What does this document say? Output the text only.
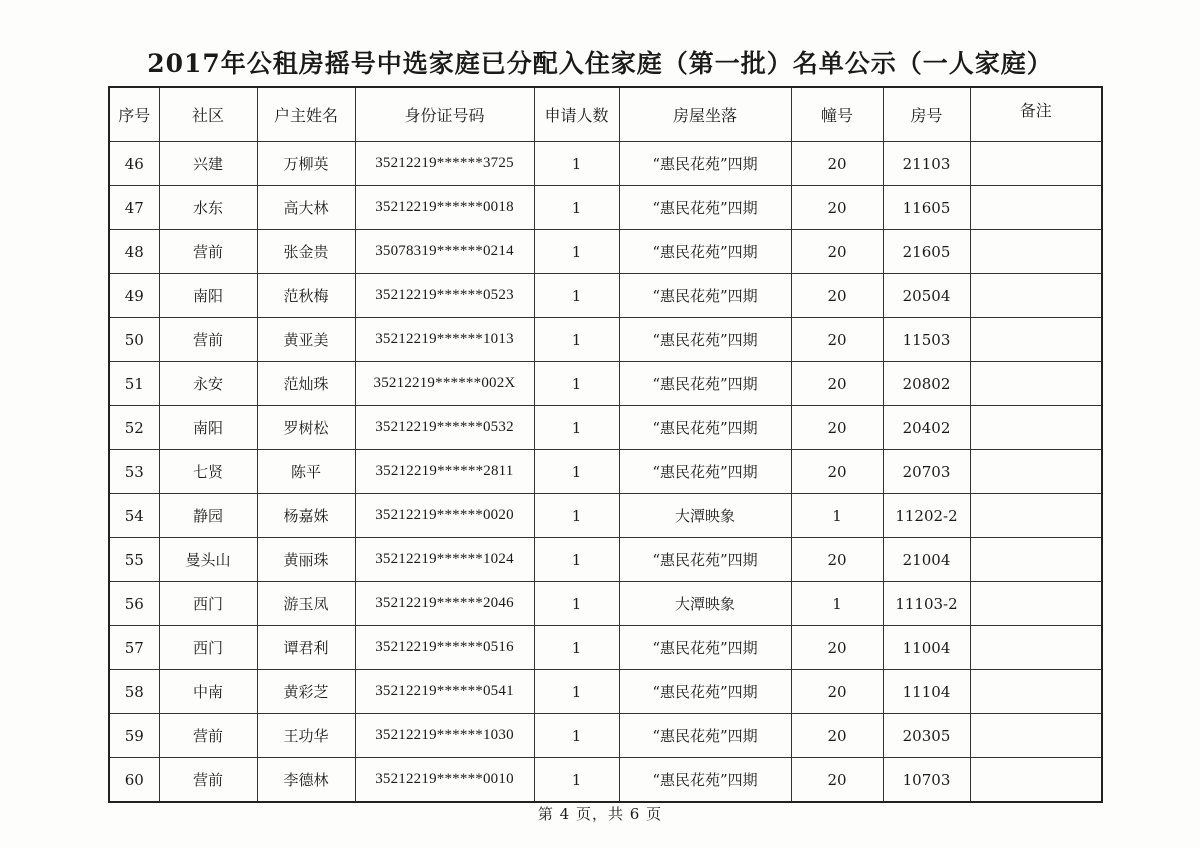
2017年公租房摇号中选家庭已分配入住家庭（第一批）名单公示（一人家庭）
序号	社区	户主姓名	身份证号码	申请人数	房屋坐落	幢号	房号	备注
46	兴建	万柳英	35212219******3725	1	“惠民花苑”四期	20	21103	
47	水东	高大林	35212219******0018	1	“惠民花苑”四期	20	11605	
48	营前	张金贵	35078319******0214	1	“惠民花苑”四期	20	21605	
49	南阳	范秋梅	35212219******0523	1	“惠民花苑”四期	20	20504	
50	营前	黄亚美	35212219******1013	1	“惠民花苑”四期	20	11503	
51	永安	范灿珠	35212219******002X	1	“惠民花苑”四期	20	20802	
52	南阳	罗树松	35212219******0532	1	“惠民花苑”四期	20	20402	
53	七贤	陈平	35212219******2811	1	“惠民花苑”四期	20	20703	
54	静园	杨嘉姝	35212219******0020	1	大潭映象	1	11202-2	
55	曼头山	黄丽珠	35212219******1024	1	“惠民花苑”四期	20	21004	
56	西门	游玉凤	35212219******2046	1	大潭映象	1	11103-2	
57	西门	谭君利	35212219******0516	1	“惠民花苑”四期	20	11004	
58	中南	黄彩芝	35212219******0541	1	“惠民花苑”四期	20	11104	
59	营前	王功华	35212219******1030	1	“惠民花苑”四期	20	20305	
60	营前	李德林	35212219******0010	1	“惠民花苑”四期	20	10703	
第 4 页，共 6 页
